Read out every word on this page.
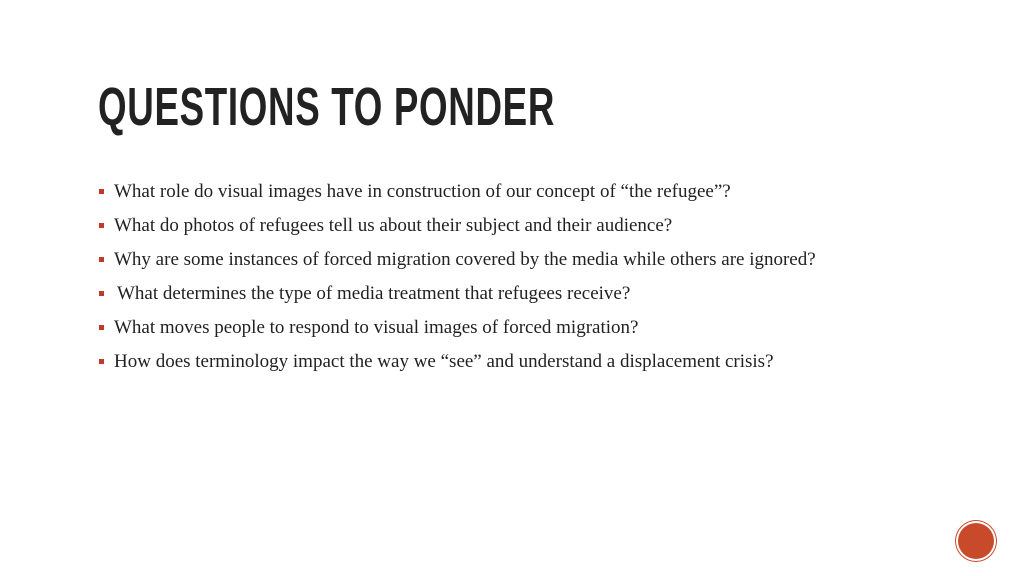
QUESTIONS TO PONDER
What role do visual images have in construction of our concept of “the refugee”?
What do photos of refugees tell us about their subject and their audience?
Why are some instances of forced migration covered by the media while others are ignored?
What determines the type of media treatment that refugees receive?
What moves people to respond to visual images of forced migration?
How does terminology impact the way we “see” and understand a displacement crisis?
